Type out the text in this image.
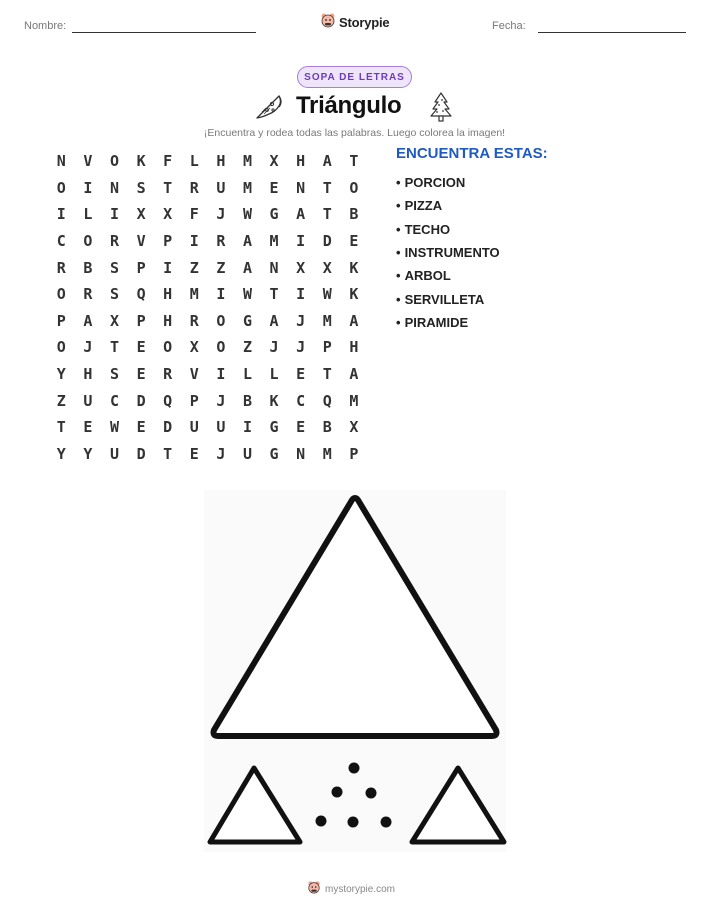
Nombre:	Storypie	Fecha:
SOPA DE LETRAS
Triángulo
¡Encuentra y rodea todas las palabras. Luego colorea la imagen!
N	V	O	K	F	L	H	M	X	H	A	T
O	I	N	S	T	R	U	M	E	N	T	O
I	L	I	X	X	F	J	W	G	A	T	B
C	O	R	V	P	I	R	A	M	I	D	E
R	B	S	P	I	Z	Z	A	N	X	X	K
O	R	S	Q	H	M	I	W	T	I	W	K
P	A	X	P	H	R	O	G	A	J	M	A
O	J	T	E	O	X	O	Z	J	J	P	H
Y	H	S	E	R	V	I	L	L	E	T	A
Z	U	C	D	Q	P	J	B	K	C	Q	M
T	E	W	E	D	U	U	I	G	E	B	X
Y	Y	U	D	T	E	J	U	G	N	M	P
ENCUENTRA ESTAS:
• PORCION
• PIZZA
• TECHO
• INSTRUMENTO
• ARBOL
• SERVILLETA
• PIRAMIDE
mystorypie.com
